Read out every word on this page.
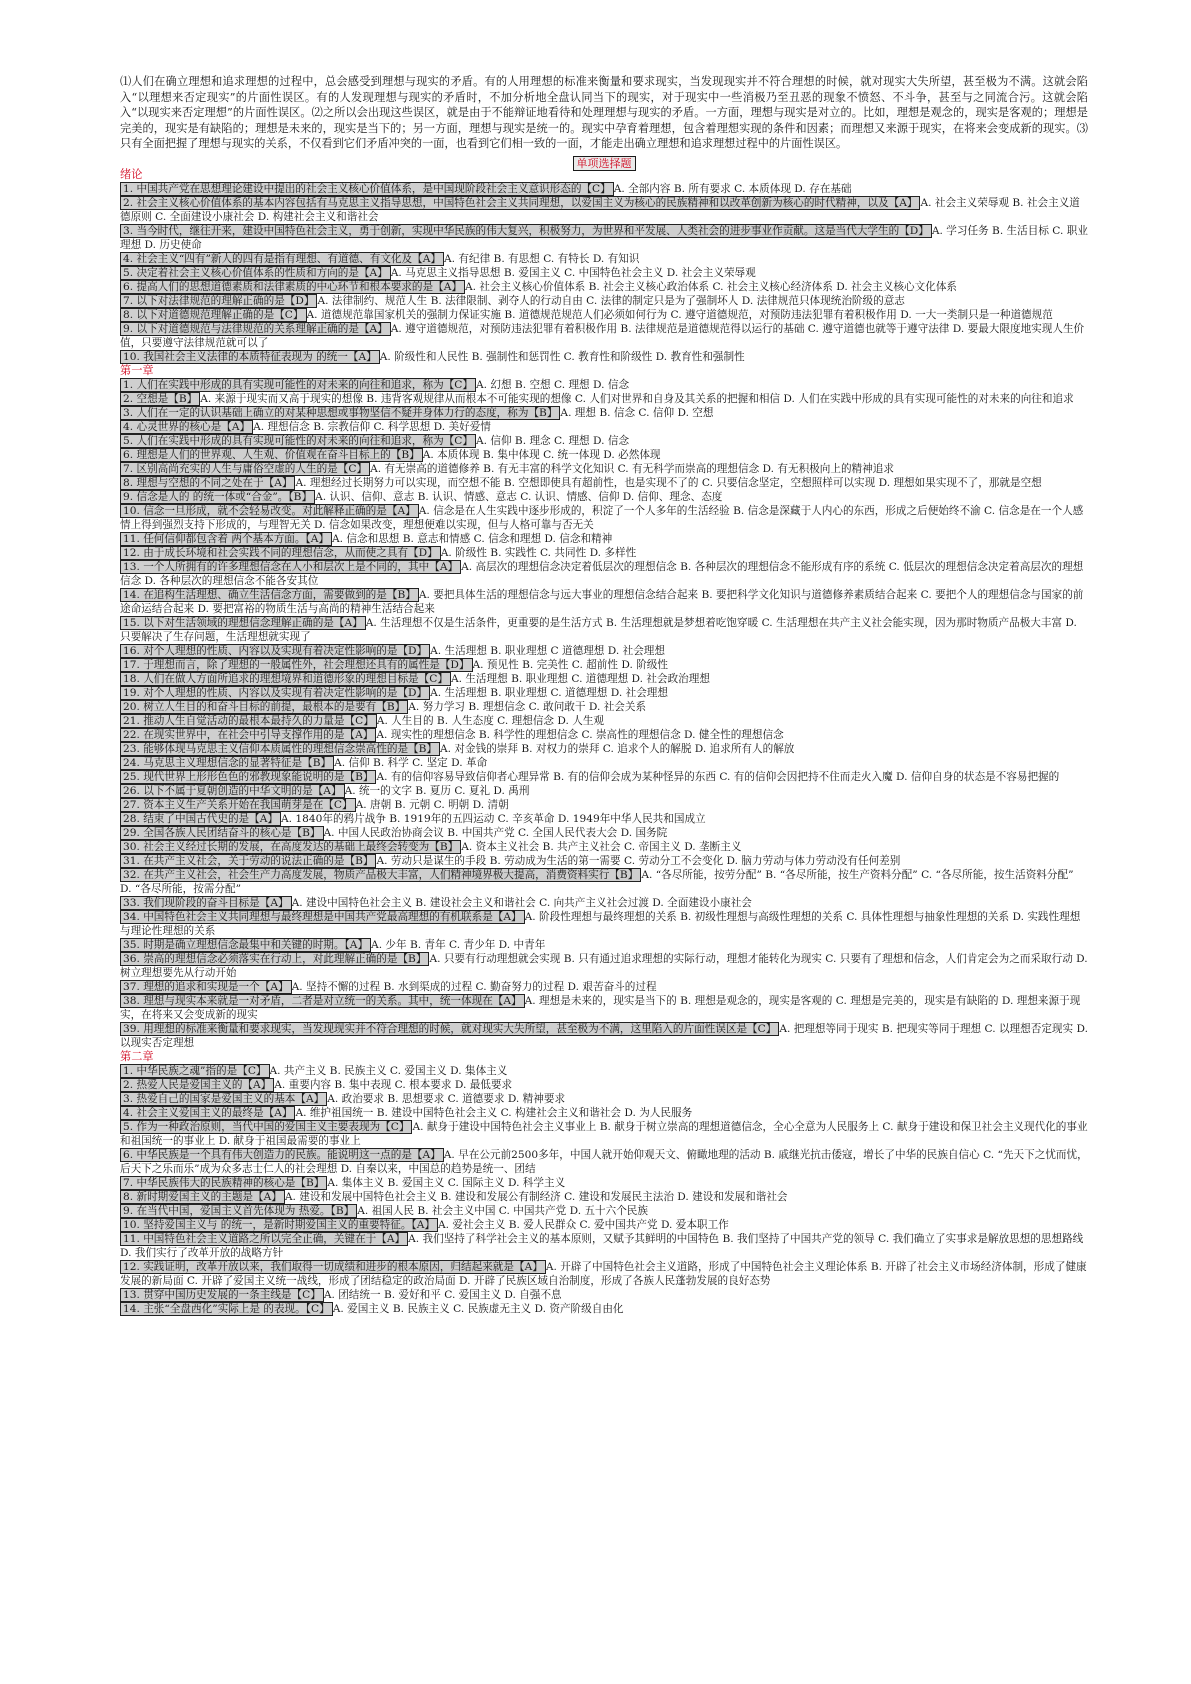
⑴人们在确立理想和追求理想的过程中，总会感受到理想与现实的矛盾。有的人用理想的标准来衡量和要求现实，当发现现实并不符合理想的时候，就对现实大失所望，甚至极为不满。这就会陷入“以理想来否定现实”的片面性误区。有的人发现理想与现实的矛盾时，不加分析地全盘认同当下的现实，对于现实中一些消极乃至丑恶的现象不愤怒、不斗争，甚至与之同流合污。这就会陷入“以现实来否定理想”的片面性误区。⑵之所以会出现这些误区，就是由于不能辩证地看待和处理理想与现实的矛盾。一方面，理想与现实是对立的。比如，理想是观念的，现实是客观的；理想是完美的，现实是有缺陷的；理想是未来的，现实是当下的；另一方面，理想与现实是统一的。现实中孕育着理想，包含着理想实现的条件和因素；而理想又来源于现实，在将来会变成新的现实。⑶只有全面把握了理想与现实的关系，不仅看到它们矛盾冲突的一面，也看到它们相一致的一面，才能走出确立理想和追求理想过程中的片面性误区。

单项选择题

绪论

1. 中国共产党在思想理论建设中提出的社会主义核心价值体系，是中国现阶段社会主义意识形态的【C】 A. 全部内容 B. 所有要求 C. 本质体现 D. 存在基础

2. 社会主义核心价值体系的基本内容包括有马克思主义指导思想，中国特色社会主义共同理想，以爱国主义为核心的民族精神和以改革创新为核心的时代精神，以及【A】 A. 社会主义荣辱观 B. 社会主义道德原则 C. 全面建设小康社会 D. 构建社会主义和谐社会

3. 当今时代，继往开来，建设中国特色社会主义，勇于创新，实现中华民族的伟大复兴，积极努力，为世界和平发展、人类社会的进步事业作贡献。这是当代大学生的【D】 A. 学习任务 B. 生活目标 C. 职业理想 D. 历史使命

4. 社会主义“四有”新人的四有是指有理想、有道德、有文化及【A】 A. 有纪律 B. 有思想 C. 有特长 D. 有知识

5. 决定着社会主义核心价值体系的性质和方向的是【A】 A. 马克思主义指导思想 B. 爱国主义 C. 中国特色社会主义 D. 社会主义荣辱观

6. 提高人们的思想道德素质和法律素质的中心环节和根本要求的是【A】 A. 社会主义核心价值体系 B. 社会主义核心政治体系 C. 社会主义核心经济体系 D. 社会主义核心文化体系

7. 以下对法律规范的理解正确的是【D】 A. 法律制约、规范人生 B. 法律限制、剥夺人的行动自由 C. 法律的制定只是为了强制坏人 D. 法律规范只体现统治阶级的意志

8. 以下对道德规范理解正确的是【C】 A. 道德规范靠国家机关的强制力保证实施 B. 道德规范规范人们必须如何行为 C. 遵守道德规范，对预防违法犯罪有着积极作用 D. 一大一类制只是一种道德规范

9. 以下对道德规范与法律规范的关系理解正确的是【A】 A. 遵守道德规范，对预防违法犯罪有着积极作用 B. 法律规范是道德规范得以运行的基础 C. 遵守道德也就等于遵守法律 D. 要最大限度地实现人生价值，只要遵守法律规范就可以了

10. 我国社会主义法律的本质特征表现为 的统一【A】 A. 阶级性和人民性 B. 强制性和惩罚性 C. 教育性和阶级性 D. 教育性和强制性

第一章

1. 人们在实践中形成的具有实现可能性的对未来的向往和追求，称为【C】 A. 幻想 B. 空想 C. 理想 D. 信念

2. 空想是【B】 A. 来源于现实而又高于现实的想像 B. 违背客观规律从而根本不可能实现的想像 C. 人们对世界和自身及其关系的把握和相信 D. 人们在实践中形成的具有实现可能性的对未来的向往和追求

3. 人们在一定的认识基础上确立的对某种思想或事物坚信不疑并身体力行的态度，称为【B】 A. 理想 B. 信念 C. 信仰 D. 空想

4. 心灵世界的核心是【A】 A. 理想信念 B. 宗教信仰 C. 科学思想 D. 美好爱情

5. 人们在实践中形成的具有实现可能性的对未来的向往和追求，称为【C】 A. 信仰 B. 理念 C. 理想 D. 信念

6. 理想是人们的世界观、人生观、价值观在奋斗目标上的【B】 A. 本质体现 B. 集中体现 C. 统一体现 D. 必然体现

7. 区别高尚充实的人生与庸俗空虚的人生的是【C】 A. 有无崇高的道德修养 B. 有无丰富的科学文化知识 C. 有无科学而崇高的理想信念 D. 有无积极向上的精神追求

8. 理想与空想的不同之处在于【A】 A. 理想经过长期努力可以实现，而空想不能 B. 空想即使具有超前性，也是实现不了的 C. 只要信念坚定，空想照样可以实现 D. 理想如果实现不了，那就是空想

9. 信念是人的 的统一体或“合金”。【B】 A. 认识、信仰、意志 B. 认识、情感、意志 C. 认识、情感、信仰 D. 信仰、理念、态度

10. 信念一旦形成，就不会轻易改变。对此解释正确的是【A】 A. 信念是在人生实践中逐步形成的，积淀了一个人多年的生活经验 B. 信念是深藏于人内心的东西，形成之后便始终不渝 C. 信念是在一个人感情上得到强烈支持下形成的，与理智无关 D. 信念如果改变，理想便难以实现，但与人格可靠与否无关

11. 任何信仰都包含着 两个基本方面。【A】 A. 信念和思想 B. 意志和情感 C. 信念和理想 D. 信念和精神

12. 由于成长环境和社会实践不同的理想信念，从而使之具有【D】 A. 阶级性 B. 实践性 C. 共同性 D. 多样性

13. 一个人所拥有的许多理想信念在人小和层次上是不同的，其中【A】 A. 高层次的理想信念决定着低层次的理想信念 B. 各种层次的理想信念不能形成有序的系统 C. 低层次的理想信念决定着高层次的理想信念 D. 各种层次的理想信念不能各安其位

14. 在追构生活理想、确立生活信念方面，需要做到的是【B】 A. 要把具体生活的理想信念与远大事业的理想信念结合起来 B. 要把科学文化知识与道德修养素质结合起来 C. 要把个人的理想信念与国家的前途命运结合起来 D. 要把富裕的物质生活与高尚的精神生活结合起来

15. 以下对生活领域的理想信念理解正确的是【A】 A. 生活理想不仅是生活条件，更重要的是生活方式 B. 生活理想就是梦想着吃饱穿暖 C. 生活理想在共产主义社会能实现，因为那时物质产品极大丰富 D. 只要解决了生存问题，生活理想就实现了

16. 对个人理想的性质、内容以及实现有着决定性影响的是【D】 A. 生活理想 B. 职业理想 C 道德理想 D. 社会理想

17. 于理想而言，除了理想的一般属性外，社会理想还具有的属性是【D】 A. 预见性 B. 完美性 C. 超前性 D. 阶级性

18. 人们在做人方面所追求的理想境界和道德形象的理想目标是【C】 A. 生活理想 B. 职业理想 C. 道德理想 D. 社会政治理想

19. 对个人理想的性质、内容以及实现有着决定性影响的是【D】 A. 生活理想 B. 职业理想 C. 道德理想 D. 社会理想

20. 树立人生目的和奋斗目标的前提，最根本的是要有【B】 A. 努力学习 B. 理想信念 C. 敢问敢干 D. 社会关系

21. 推动人生自觉活动的最根本最持久的力量是【C】 A. 人生目的 B. 人生态度 C. 理想信念 D. 人生观

22. 在现实世界中，在社会中引导支撑作用的是【A】 A. 现实性的理想信念 B. 科学性的理想信念 C. 崇高性的理想信念 D. 健全性的理想信念

23. 能够体现马克思主义信仰本质属性的理想信念崇高性的是【B】 A. 对金钱的崇拜 B. 对权力的崇拜 C. 追求个人的解脱 D. 追求所有人的解放

24. 马克思主义理想信念的显著特征是【B】 A. 信仰 B. 科学 C. 坚定 D. 革命

25. 现代世界上形形色色的邪教现象能说明的是【B】 A. 有的信仰容易导致信仰者心理异常 B. 有的信仰会成为某种怪异的东西 C. 有的信仰会因把持不住而走火入魔 D. 信仰自身的状态是不容易把握的

26. 以下不属于夏朝创造的中华文明的是【A】 A. 统一的文字 B. 夏历 C. 夏礼 D. 禹刑

27. 资本主义生产关系开始在我国萌芽是在【C】 A. 唐朝 B. 元朝 C. 明朝 D. 清朝

28. 结束了中国古代史的是【A】 A. 1840年的鸦片战争 B. 1919年的五四运动 C. 辛亥革命 D. 1949年中华人民共和国成立

29. 全国各族人民团结奋斗的核心是【B】 A. 中国人民政治协商会议 B. 中国共产党 C. 全国人民代表大会 D. 国务院

30. 社会主义经过长期的发展，在高度发达的基础上最终会转变为【B】 A. 资本主义社会 B. 共产主义社会 C. 帝国主义 D. 垄断主义

31. 在共产主义社会，关于劳动的说法正确的是【B】 A. 劳动只是谋生的手段 B. 劳动成为生活的第一需要 C. 劳动分工不会变化 D. 脑力劳动与体力劳动没有任何差别

32. 在共产主义社会，社会生产力高度发展，物质产品极大丰富，人们精神境界极大提高，消费资料实行【B】 A. “各尽所能，按劳分配” B. “各尽所能，按生产资料分配” C. “各尽所能，按生活资料分配” D. “各尽所能，按需分配”

33. 我们现阶段的奋斗目标是【A】 A. 建设中国特色社会主义 B. 建设社会主义和谐社会 C. 向共产主义社会过渡 D. 全面建设小康社会

34. 中国特色社会主义共同理想与最终理想是中国共产党最高理想的有机联系是【A】 A. 阶段性理想与最终理想的关系 B. 初级性理想与高级性理想的关系 C. 具体性理想与抽象性理想的关系 D. 实践性理想与理论性理想的关系

35. 时期是确立理想信念最集中和关键的时期。【A】 A. 少年 B. 青年 C. 青少年 D. 中青年

36. 崇高的理想信念必须落实在行动上，对此理解正确的是【B】 A. 只要有行动理想就会实现 B. 只有通过追求理想的实际行动，理想才能转化为现实 C. 只要有了理想和信念，人们肯定会为之而采取行动 D. 树立理想要先从行动开始

37. 理想的追求和实现是一个【A】 A. 坚持不懈的过程 B. 水到渠成的过程 C. 勤奋努力的过程 D. 艰苦奋斗的过程

38. 理想与现实本来就是一对矛盾，二者是对立统一的关系。其中，统一体现在【A】 A. 理想是未来的，现实是当下的 B. 理想是观念的，现实是客观的 C. 理想是完美的，现实是有缺陷的 D. 理想来源于现实，在将来又会变成新的现实

39. 用理想的标准来衡量和要求现实，当发现现实并不符合理想的时候，就对现实大失所望，甚至极为不满，这里陷入的片面性误区是【C】 A. 把理想等同于现实 B. 把现实等同于理想 C. 以理想否定现实 D. 以现实否定理想

第二章

1. 中华民族之魂”指的是【C】 A. 共产主义 B. 民族主义 C. 爱国主义 D. 集体主义

2. 热爱人民是爱国主义的【A】 A. 重要内容 B. 集中表现 C. 根本要求 D. 最低要求

3. 热爱自己的国家是爱国主义的基本【A】 A. 政治要求 B. 思想要求 C. 道德要求 D. 精神要求

4. 社会主义爱国主义的最终是【A】 A. 维护祖国统一 B. 建设中国特色社会主义 C. 构建社会主义和谐社会 D. 为人民服务

5. 作为一种政治原则，当代中国的爱国主义主要表现为【C】 A. 献身于建设中国特色社会主义事业上 B. 献身于树立崇高的理想道德信念，全心全意为人民服务上 C. 献身于建设和保卫社会主义现代化的事业和祖国统一的事业上 D. 献身于祖国最需要的事业上

6. 中华民族是一个具有伟大创造力的民族。能说明这一点的是【A】 A. 早在公元前2500多年，中国人就开始仰观天文、俯瞰地理的活动 B. 戚继光抗击倭寇，增长了中华的民族自信心 C. “先天下之忧而忧，后天下之乐而乐”成为众多志士仁人的社会理想 D. 自秦以来，中国总的趋势是统一、团结

7. 中华民族伟大的民族精神的核心是【B】 A. 集体主义 B. 爱国主义 C. 国际主义 D. 科学主义

8. 新时期爱国主义的主题是【A】 A. 建设和发展中国特色社会主义 B. 建设和发展公有制经济 C. 建设和发展民主法治 D. 建设和发展和谐社会

9. 在当代中国，爱国主义首先体现为 热爱。【B】 A. 祖国人民 B. 社会主义中国 C. 中国共产党 D. 五十六个民族

10. 坚持爱国主义与 的统一，是新时期爱国主义的重要特征。【A】 A. 爱社会主义 B. 爱人民群众 C. 爱中国共产党 D. 爱本职工作

11. 中国特色社会主义道路之所以完全正确，关键在于【A】 A. 我们坚持了科学社会主义的基本原则，又赋予其鲜明的中国特色 B. 我们坚持了中国共产党的领导 C. 我们确立了实事求是解放思想的思想路线 D. 我们实行了改革开放的战略方针

12. 实践证明，改革开放以来，我们取得一切成绩和进步的根本原因，归结起来就是【A】 A. 开辟了中国特色社会主义道路，形成了中国特色社会主义理论体系 B. 开辟了社会主义市场经济体制，形成了健康发展的新局面 C. 开辟了爱国主义统一战线，形成了团结稳定的政治局面 D. 开辟了民族区域自治制度，形成了各族人民蓬勃发展的良好态势

13. 贯穿中国历史发展的一条主线是【C】 A. 团结统一 B. 爱好和平 C. 爱国主义 D. 自强不息

14. 主张“全盘西化”实际上是 的表现。【C】 A. 爱国主义 B. 民族主义 C. 民族虚无主义 D. 资产阶级自由化
